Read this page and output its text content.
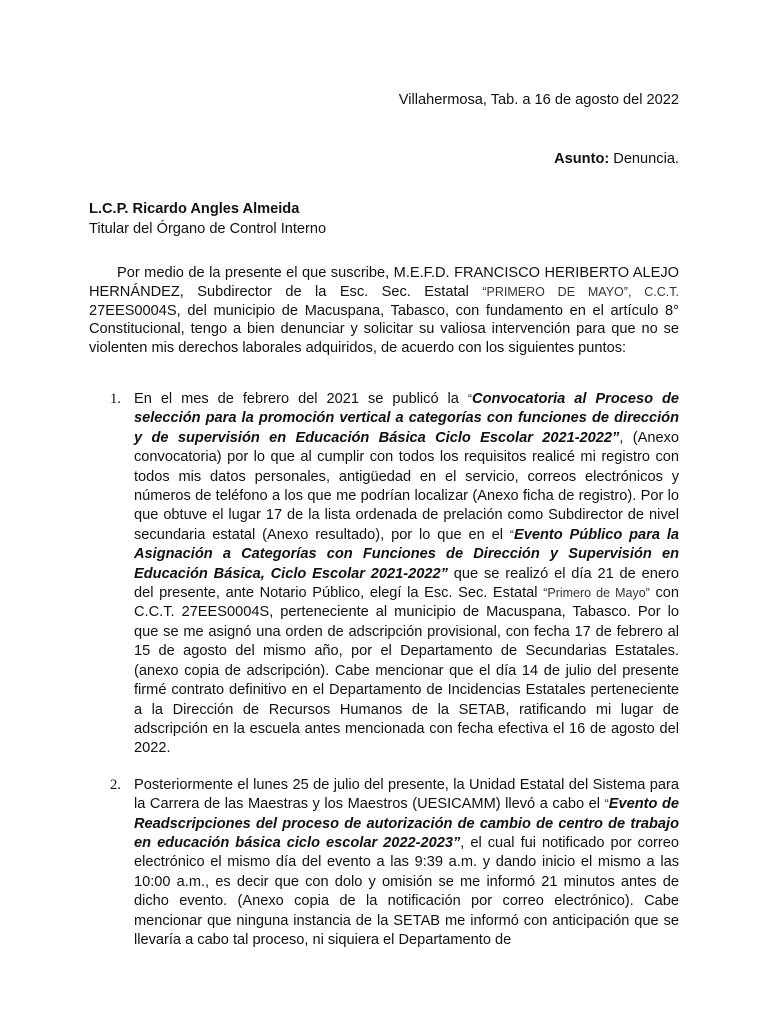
Villahermosa, Tab. a 16 de agosto del 2022
Asunto: Denuncia.
L.C.P. Ricardo Angles Almeida
Titular del Órgano de Control Interno
Por medio de la presente el que suscribe, M.E.F.D. FRANCISCO HERIBERTO ALEJO HERNÁNDEZ, Subdirector de la Esc. Sec. Estatal “PRIMERO DE MAYO”, C.C.T. 27EES0004S, del municipio de Macuspana, Tabasco, con fundamento en el artículo 8° Constitucional, tengo a bien denunciar y solicitar su valiosa intervención para que no se violenten mis derechos laborales adquiridos, de acuerdo con los siguientes puntos:
1. En el mes de febrero del 2021 se publicó la “Convocatoria al Proceso de selección para la promoción vertical a categorías con funciones de dirección y de supervisión en Educación Básica Ciclo Escolar 2021-2022”, (Anexo convocatoria) por lo que al cumplir con todos los requisitos realicé mi registro con todos mis datos personales, antigüedad en el servicio, correos electrónicos y números de teléfono a los que me podrían localizar (Anexo ficha de registro). Por lo que obtuve el lugar 17 de la lista ordenada de prelación como Subdirector de nivel secundaria estatal (Anexo resultado), por lo que en el “Evento Público para la Asignación a Categorías con Funciones de Dirección y Supervisión en Educación Básica, Ciclo Escolar 2021-2022” que se realizó el día 21 de enero del presente, ante Notario Público, elegí la Esc. Sec. Estatal “Primero de Mayo” con C.C.T. 27EES0004S, perteneciente al municipio de Macuspana, Tabasco. Por lo que se me asignó una orden de adscripción provisional, con fecha 17 de febrero al 15 de agosto del mismo año, por el Departamento de Secundarias Estatales. (anexo copia de adscripción). Cabe mencionar que el día 14 de julio del presente firmé contrato definitivo en el Departamento de Incidencias Estatales perteneciente a la Dirección de Recursos Humanos de la SETAB, ratificando mi lugar de adscripción en la escuela antes mencionada con fecha efectiva el 16 de agosto del 2022.

2. Posteriormente el lunes 25 de julio del presente, la Unidad Estatal del Sistema para la Carrera de las Maestras y los Maestros (UESICAMM) llevó a cabo el “Evento de Readscripciones del proceso de autorización de cambio de centro de trabajo en educación básica ciclo escolar 2022-2023”, el cual fui notificado por correo electrónico el mismo día del evento a las 9:39 a.m. y dando inicio el mismo a las 10:00 a.m., es decir que con dolo y omisión se me informó 21 minutos antes de dicho evento. (Anexo copia de la notificación por correo electrónico). Cabe mencionar que ninguna instancia de la SETAB me informó con anticipación que se llevaría a cabo tal proceso, ni siquiera el Departamento de
